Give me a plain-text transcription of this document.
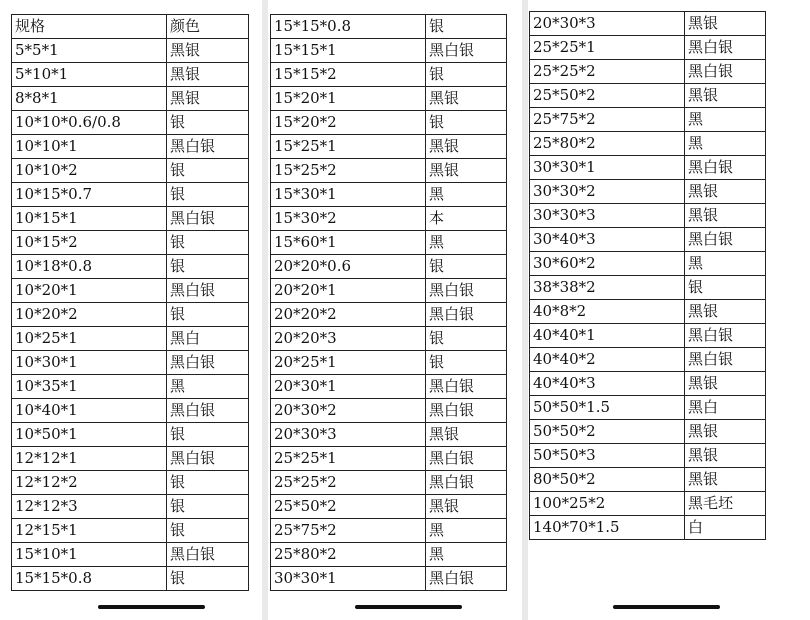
规格	颜色
5*5*1	黑银
5*10*1	黑银
8*8*1	黑银
10*10*0.6/0.8	银
10*10*1	黑白银
10*10*2	银
10*15*0.7	银
10*15*1	黑白银
10*15*2	银
10*18*0.8	银
10*20*1	黑白银
10*20*2	银
10*25*1	黑白
10*30*1	黑白银
10*35*1	黑
10*40*1	黑白银
10*50*1	银
12*12*1	黑白银
12*12*2	银
12*12*3	银
12*15*1	银
15*10*1	黑白银
15*15*0.8	银
15*15*0.8	银
15*15*1	黑白银
15*15*2	银
15*20*1	黑银
15*20*2	银
15*25*1	黑银
15*25*2	黑银
15*30*1	黑
15*30*2	本
15*60*1	黑
20*20*0.6	银
20*20*1	黑白银
20*20*2	黑白银
20*20*3	银
20*25*1	银
20*30*1	黑白银
20*30*2	黑白银
20*30*3	黑银
25*25*1	黑白银
25*25*2	黑白银
25*50*2	黑银
25*75*2	黑
25*80*2	黑
30*30*1	黑白银
20*30*3	黑银
25*25*1	黑白银
25*25*2	黑白银
25*50*2	黑银
25*75*2	黑
25*80*2	黑
30*30*1	黑白银
30*30*2	黑银
30*30*3	黑银
30*40*3	黑白银
30*60*2	黑
38*38*2	银
40*8*2	黑银
40*40*1	黑白银
40*40*2	黑白银
40*40*3	黑银
50*50*1.5	黑白
50*50*2	黑银
50*50*3	黑银
80*50*2	黑银
100*25*2	黑毛坯
140*70*1.5	白
